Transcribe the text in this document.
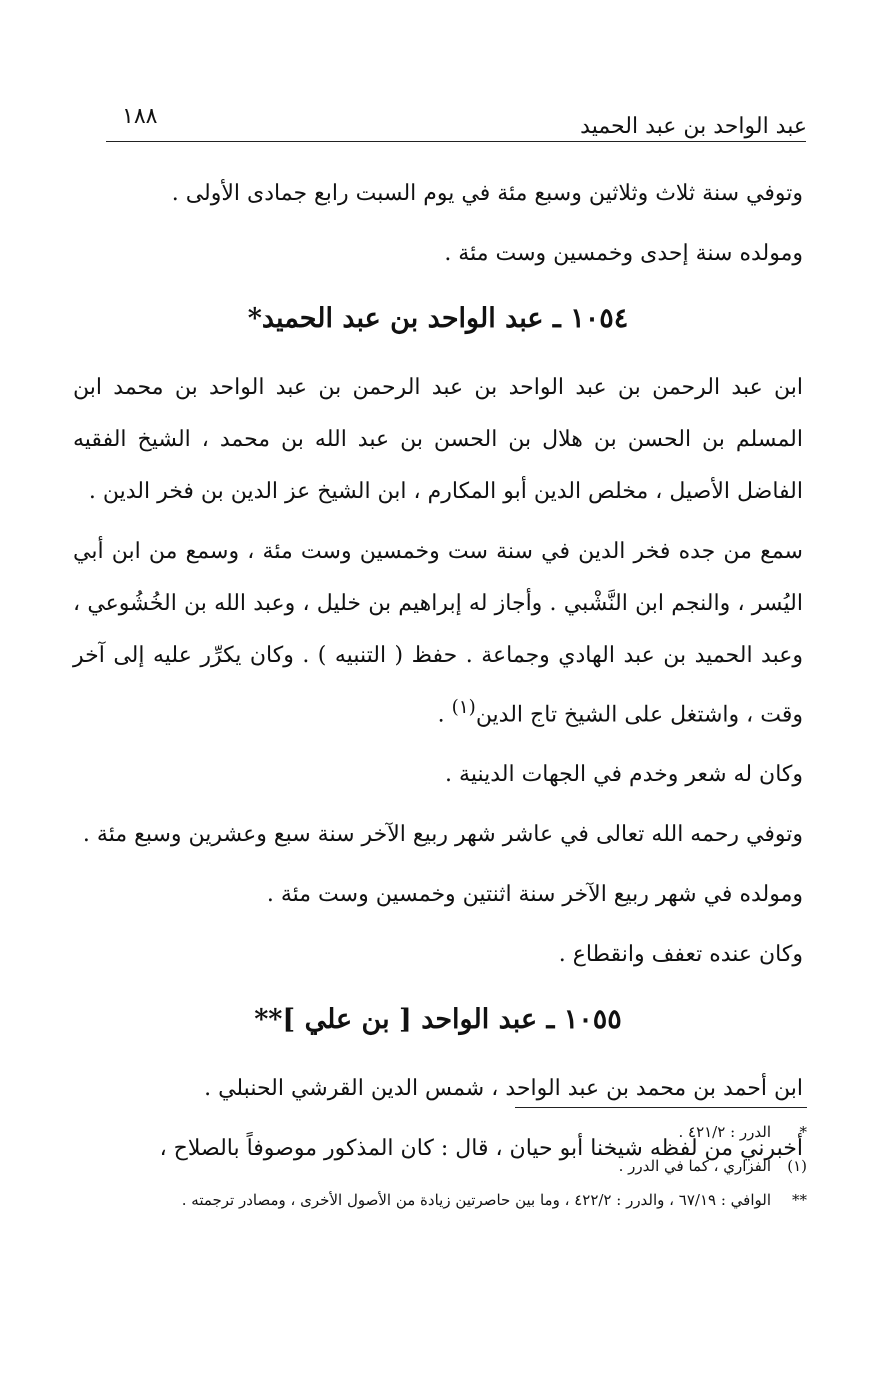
عبد الواحد بن عبد الحميد
١٨٨

وتوفي سنة ثلاث وثلاثين وسبع مئة في يوم السبت رابع جمادى الأولى .

ومولده سنة إحدى وخمسين وست مئة .

١٠٥٤ ـ عبد الواحد بن عبد الحميد*

ابن عبد الرحمن بن عبد الواحد بن عبد الرحمن بن عبد الواحد بن محمد ابن المسلم بن الحسن بن هلال بن الحسن بن عبد الله بن محمد ، الشيخ الفقيه الفاضل الأصيل ، مخلص الدين أبو المكارم ، ابن الشيخ عز الدين بن فخر الدين .

سمع من جده فخر الدين في سنة ست وخمسين وست مئة ، وسمع من ابن أبي اليُسر ، والنجم ابن النَّشْبي . وأجاز له إبراهيم بن خليل ، وعبد الله بن الخُشُوعي ، وعبد الحميد بن عبد الهادي وجماعة . حفظ ( التنبيه ) . وكان يكرِّر عليه إلى آخر وقت ، واشتغل على الشيخ تاج الدين$^{(١)}$ .

وكان له شعر وخدم في الجهات الدينية .

وتوفي رحمه الله تعالى في عاشر شهر ربيع الآخر سنة سبع وعشرين وسبع مئة .

ومولده في شهر ربيع الآخر سنة اثنتين وخمسين وست مئة .

وكان عنده تعفف وانقطاع .

١٠٥٥ ـ عبد الواحد [ بن علي ]**

ابن أحمد بن محمد بن عبد الواحد ، شمس الدين القرشي الحنبلي .

أخبرني من لفظه شيخنا أبو حيان ، قال : كان المذكور موصوفاً بالصلاح ،

*
الدرر : ٤٢١/٢ .
(١)
الفزاري ، كما في الدرر .
**
الوافي : ٦٧/١٩ ، والدرر : ٤٢٢/٢ ، وما بين حاصرتين زيادة من الأصول الأخرى ، ومصادر ترجمته .
